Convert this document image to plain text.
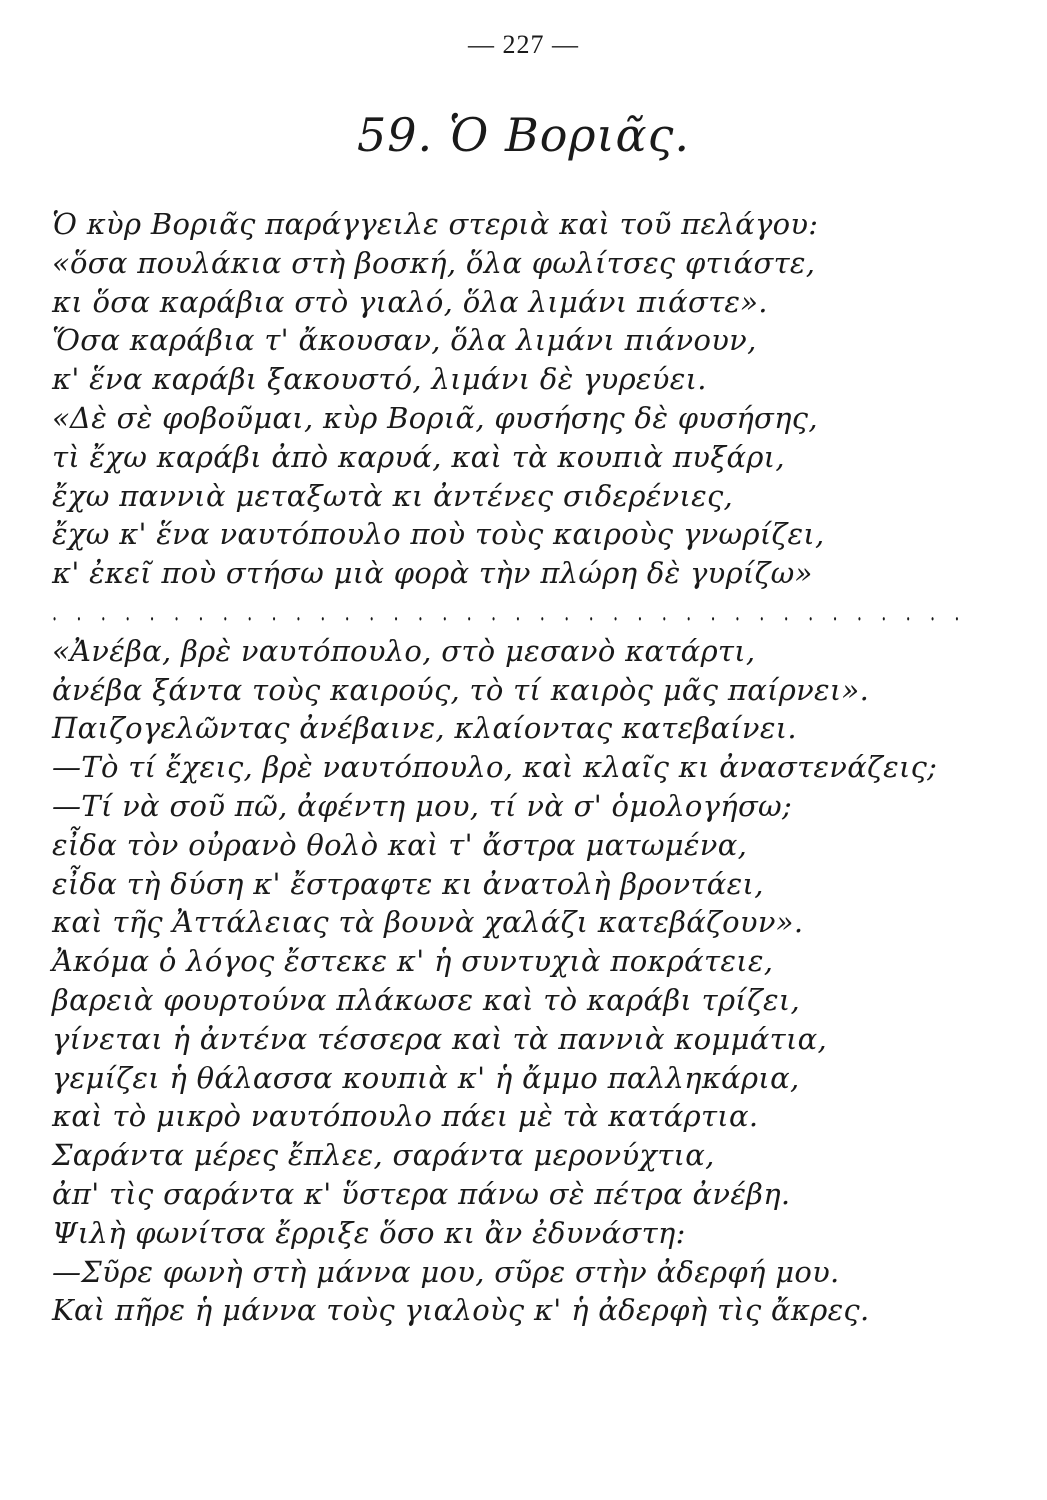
— 227 —
59. Ὁ Βοριᾶς.
Ὁ κὺρ Βοριᾶς παράγγειλε στεριὰ καὶ τοῦ πελάγου:
«ὅσα πουλάκια στὴ βοσκή, ὅλα φωλίτσες φτιάστε,
κι ὅσα καράβια στὸ γιαλό, ὅλα λιμάνι πιάστε».
Ὅσα καράβια τ' ἄκουσαν, ὅλα λιμάνι πιάνουν,
κ' ἕνα καράβι ξακουστό, λιμάνι δὲ γυρεύει.
«Δὲ σὲ φοβοῦμαι, κὺρ Βοριᾶ, φυσήσης δὲ φυσήσης,
τὶ ἔχω καράβι ἀπὸ καρυά, καὶ τὰ κουπιὰ πυξάρι,
ἔχω παννιὰ μεταξωτὰ κι ἀντένες σιδερένιες,
ἔχω κ' ἕνα ναυτόπουλο ποὺ τοὺς καιροὺς γνωρίζει,
κ' ἐκεῖ ποὺ στήσω μιὰ φορὰ τὴν πλώρη δὲ γυρίζω»
. . . . . . . . . . . . . . . . . . . . . . . . . . . . . . . . . . . . . .
«Ἀνέβα, βρὲ ναυτόπουλο, στὸ μεσανὸ κατάρτι,
ἀνέβα ξάντα τοὺς καιρούς, τὸ τί καιρὸς μᾶς παίρνει».
Παιζογελῶντας ἀνέβαινε, κλαίοντας κατεβαίνει.
—Τὸ τί ἔχεις, βρὲ ναυτόπουλο, καὶ κλαῖς κι ἀναστενάζεις;
—Τί νὰ σοῦ πῶ, ἀφέντη μου, τί νὰ σ' ὁμολογήσω;
εἶδα τὸν οὐρανὸ θολὸ καὶ τ' ἄστρα ματωμένα,
εἶδα τὴ δύση κ' ἔστραφτε κι ἀνατολὴ βροντάει,
καὶ τῆς Ἀττάλειας τὰ βουνὰ χαλάζι κατεβάζουν».
Ἀκόμα ὁ λόγος ἔστεκε κ' ἡ συντυχιὰ ποκράτειε,
βαρειὰ φουρτούνα πλάκωσε καὶ τὸ καράβι τρίζει,
γίνεται ἡ ἀντένα τέσσερα καὶ τὰ παννιὰ κομμάτια,
γεμίζει ἡ θάλασσα κουπιὰ κ' ἡ ἄμμο παλληκάρια,
καὶ τὸ μικρὸ ναυτόπουλο πάει μὲ τὰ κατάρτια.
Σαράντα μέρες ἔπλεε, σαράντα μερονύχτια,
ἀπ' τὶς σαράντα κ' ὕστερα πάνω σὲ πέτρα ἀνέβη.
Ψιλὴ φωνίτσα ἔρριξε ὅσο κι ἂν ἐδυνάστη:
—Σῦρε φωνὴ στὴ μάννα μου, σῦρε στὴν ἀδερφή μου.
Καὶ πῆρε ἡ μάννα τοὺς γιαλοὺς κ' ἡ ἀδερφὴ τὶς ἄκρες.
